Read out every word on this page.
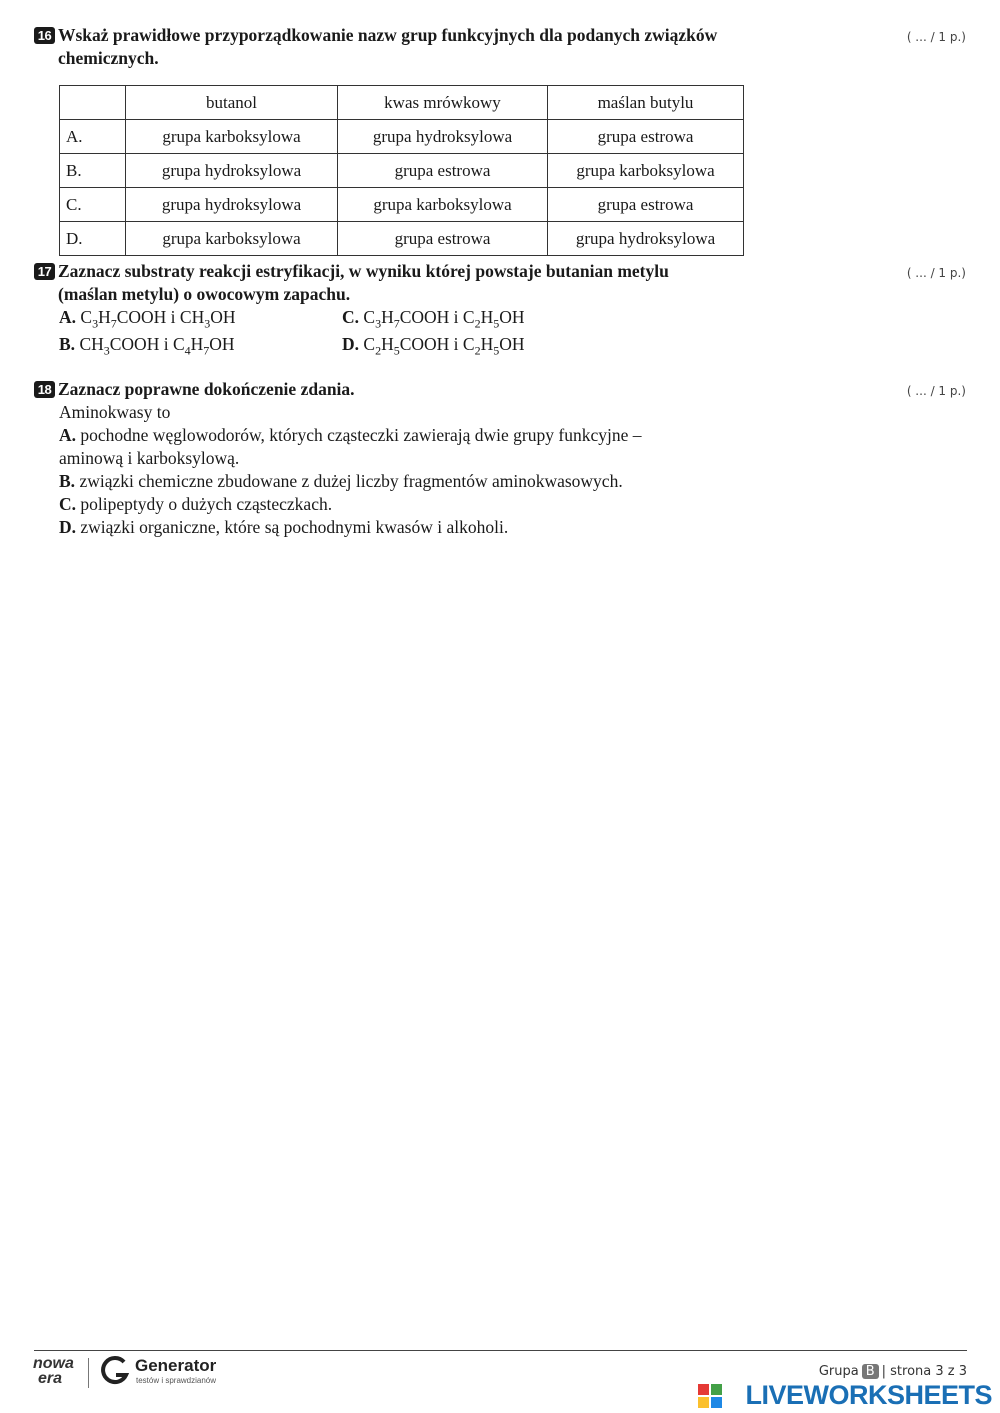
16 Wskaż prawidłowe przyporządkowanie nazw grup funkcyjnych dla podanych związków chemicznych.
( ... / 1 p.)
	butanol	kwas mrówkowy	maślan butylu
A.	grupa karboksylowa	grupa hydroksylowa	grupa estrowa
B.	grupa hydroksylowa	grupa estrowa	grupa karboksylowa
C.	grupa hydroksylowa	grupa karboksylowa	grupa estrowa
D.	grupa karboksylowa	grupa estrowa	grupa hydroksylowa
17 Zaznacz substraty reakcji estryfikacji, w wyniku której powstaje butanian metylu (maślan metylu) o owocowym zapachu.
( ... / 1 p.)
A. $C_3H_7COOH$ i $CH_3OH$	C. $C_3H_7COOH$ i $C_2H_5OH$
B. $CH_3COOH$ i $C_4H_7OH$	D. $C_2H_5COOH$ i $C_2H_5OH$
18 Zaznacz poprawne dokończenie zdania.	( ... / 1 p.)
Aminokwasy to
A. pochodne węglowodorów, których cząsteczki zawierają dwie grupy funkcyjne – aminową i karboksylową.
B. związki chemiczne zbudowane z dużej liczby fragmentów aminokwasowych.
C. polipeptydy o dużych cząsteczkach.
D. związki organiczne, które są pochodnymi kwasów i alkoholi.
nowa
era
Generator
testów i sprawdzianów
Grupa B | strona 3 z 3
LIVEWORKSHEETS
